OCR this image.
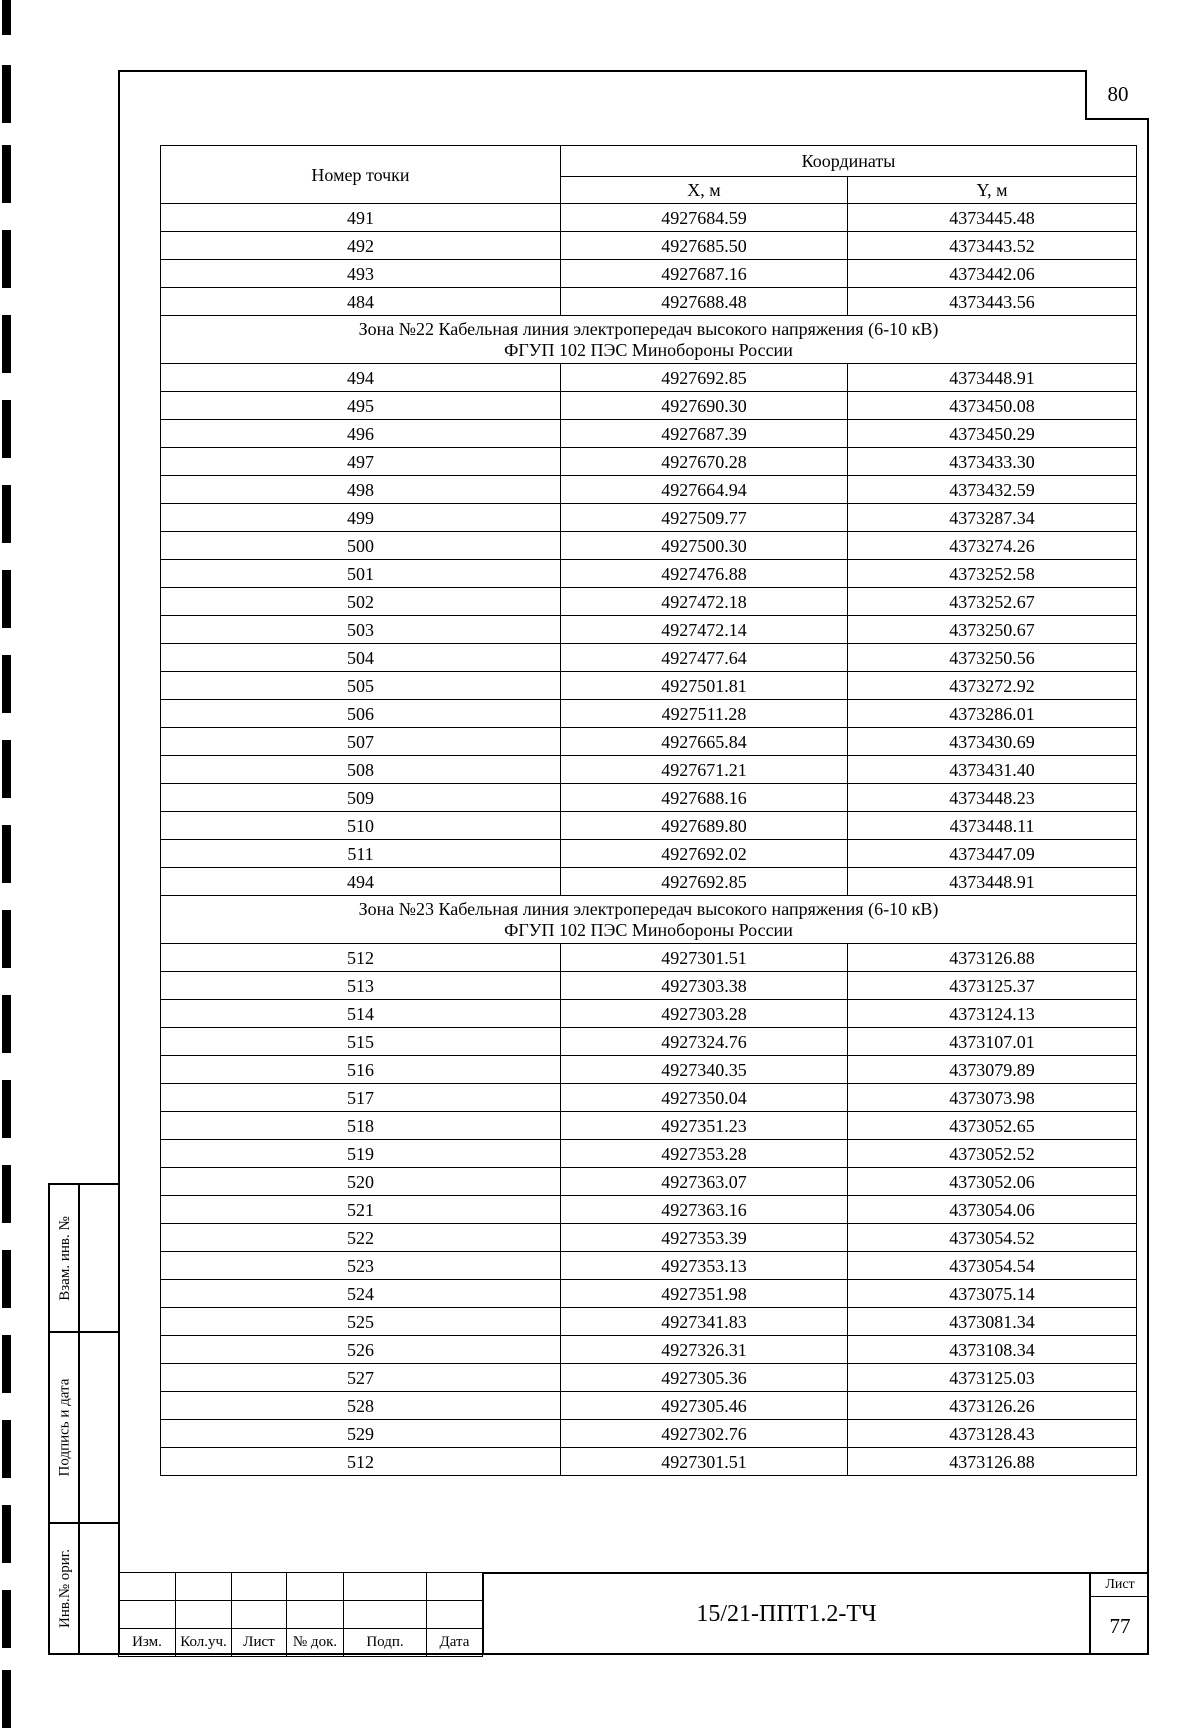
80
Номер точки	Координаты	
	X, м	Y, м
491	4927684.59	4373445.48
492	4927685.50	4373443.52
493	4927687.16	4373442.06
484	4927688.48	4373443.56

Зона №22 Кабельная линия электропередач высокого напряжения (6-10 кВ)
ФГУП 102 ПЭС Минобороны России		

494	4927692.85	4373448.91
495	4927690.30	4373450.08
496	4927687.39	4373450.29
497	4927670.28	4373433.30
498	4927664.94	4373432.59
499	4927509.77	4373287.34
500	4927500.30	4373274.26
501	4927476.88	4373252.58
502	4927472.18	4373252.67
503	4927472.14	4373250.67
504	4927477.64	4373250.56
505	4927501.81	4373272.92
506	4927511.28	4373286.01
507	4927665.84	4373430.69
508	4927671.21	4373431.40
509	4927688.16	4373448.23
510	4927689.80	4373448.11
511	4927692.02	4373447.09
494	4927692.85	4373448.91

Зона №23 Кабельная линия электропередач высокого напряжения (6-10 кВ)
ФГУП 102 ПЭС Минобороны России		

512	4927301.51	4373126.88
513	4927303.38	4373125.37
514	4927303.28	4373124.13
515	4927324.76	4373107.01
516	4927340.35	4373079.89
517	4927350.04	4373073.98
518	4927351.23	4373052.65
519	4927353.28	4373052.52
520	4927363.07	4373052.06
521	4927363.16	4373054.06
522	4927353.39	4373054.52
523	4927353.13	4373054.54
524	4927351.98	4373075.14
525	4927341.83	4373081.34
526	4927326.31	4373108.34
527	4927305.36	4373125.03
528	4927305.46	4373126.26
529	4927302.76	4373128.43
512	4927301.51	4373126.88
Взам. инв. №
Подпись и дата
Инв.№ ориг.

Изм.	Кол.уч.	Лист	№ док.	Подп.	Дата
15/21-ППТ1.2-ТЧ
Лист
77
